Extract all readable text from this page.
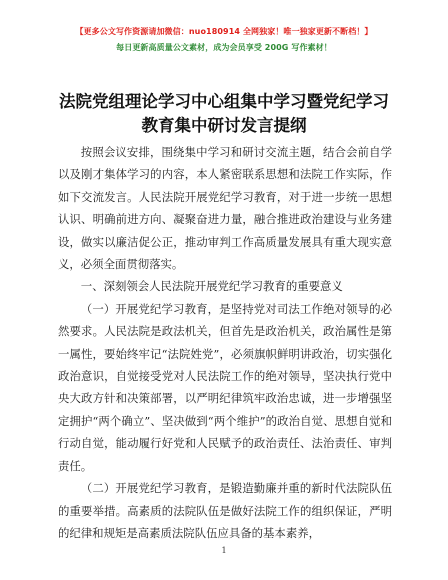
【更多公文写作资源请加微信：nuo180914 全网独家！唯一独家更新不断档！】
每日更新高质量公文素材，成为会员享受 200G 写作素材！
法院党组理论学习中心组集中学习暨党纪学习
教育集中研讨发言提纲

按照会议安排，围绕集中学习和研讨交流主题，结合会前自学以及刚才集体学习的内容，本人紧密联系思想和法院工作实际，作如下交流发言。人民法院开展党纪学习教育，对于进一步统一思想认识、明确前进方向、凝聚奋进力量，融合推进政治建设与业务建设，做实以廉洁促公正，推动审判工作高质量发展具有重大现实意义，必须全面贯彻落实。

一、深刻领会人民法院开展党纪学习教育的重要意义

（一）开展党纪学习教育，是坚持党对司法工作绝对领导的必然要求。人民法院是政法机关，但首先是政治机关，政治属性是第一属性，要始终牢记“法院姓党”，必须旗帜鲜明讲政治，切实强化政治意识，自觉接受党对人民法院工作的绝对领导，坚决执行党中央大政方针和决策部署，以严明纪律筑牢政治忠诚，进一步增强坚定拥护“两个确立”、坚决做到“两个维护”的政治自觉、思想自觉和行动自觉，能动履行好党和人民赋予的政治责任、法治责任、审判责任。

（二）开展党纪学习教育，是锻造勤廉并重的新时代法院队伍的重要举措。高素质的法院队伍是做好法院工作的组织保证，严明的纪律和规矩是高素质法院队伍应具备的基本素养，

1
